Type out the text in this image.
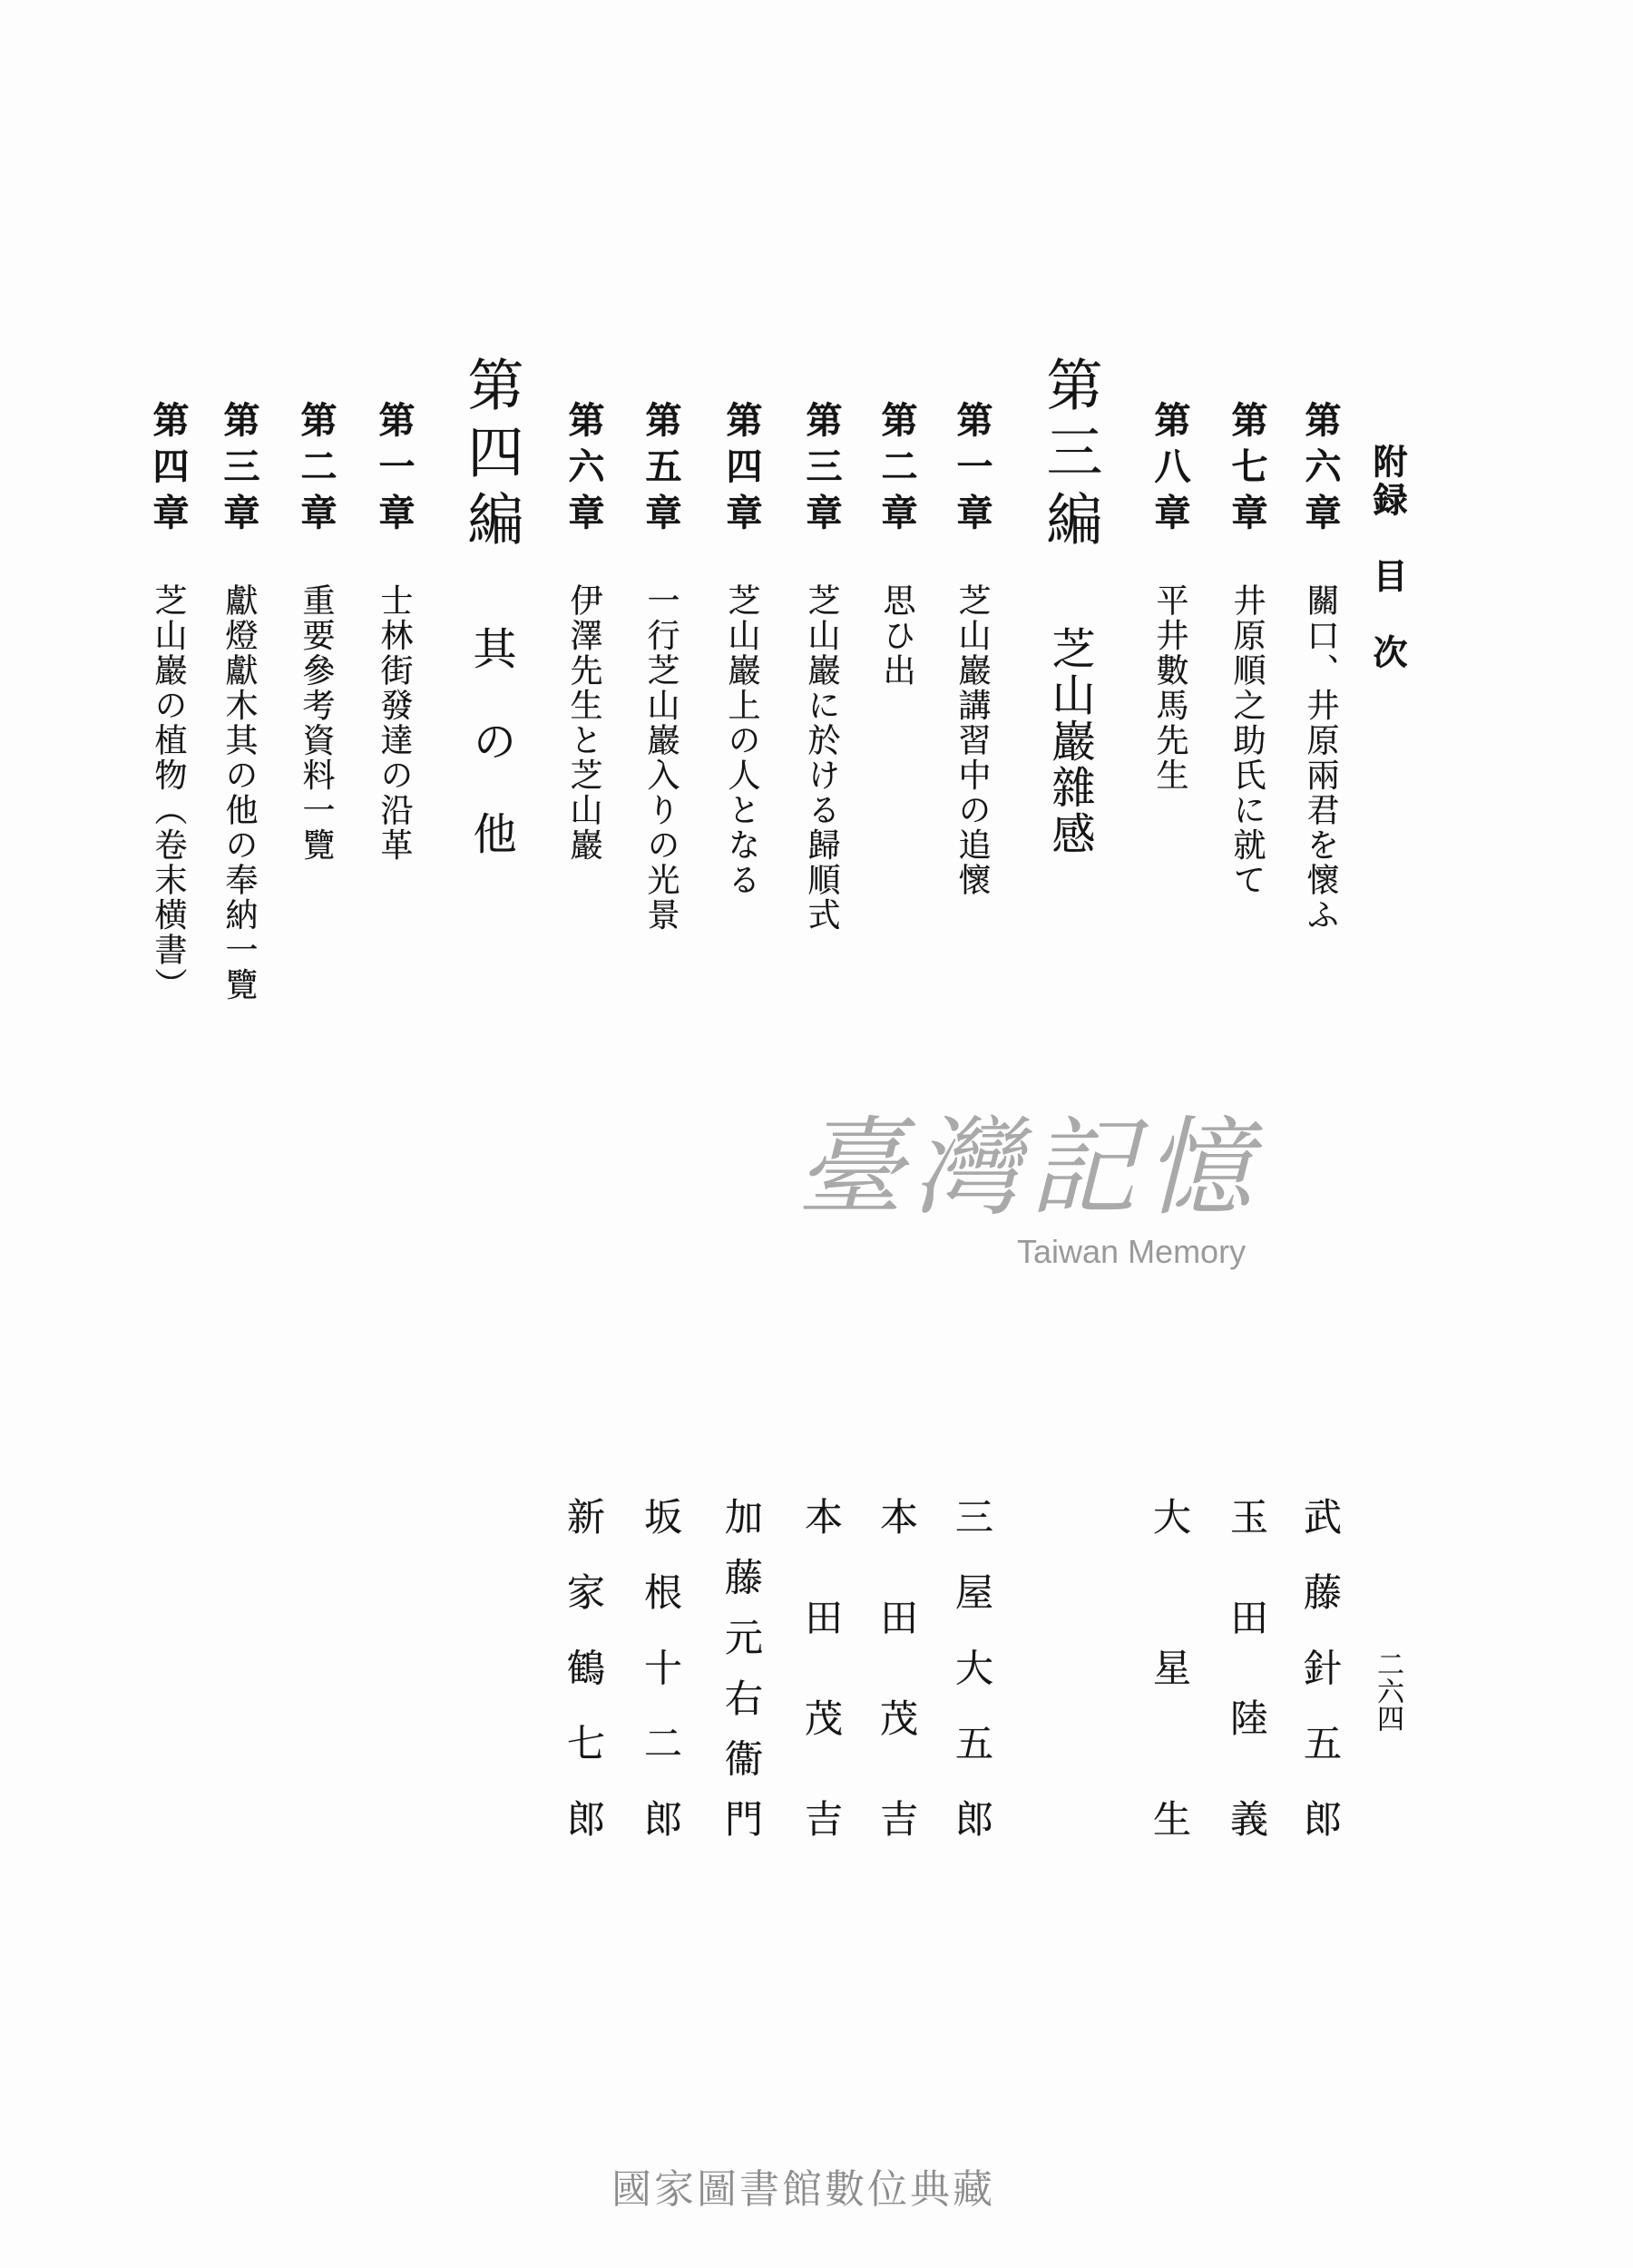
附録　目　次
二六四
第六章
關口、井原兩君を懷ふ
武藤針五郎
第七章
井原順之助氏に就て
玉田陸義
第八章
平井數馬先生
大星生
第三編
芝山巖雜感
第一章
芝山巖講習中の追懷
三屋大五郎
第二章
思ひ出
本田茂吉
第三章
芝山巖に於ける歸順式
本田茂吉
第四章
芝山巖上の人となる
加藤元右衞門
第五章
一行芝山巖入りの光景
坂根十二郎
第六章
伊澤先生と芝山巖
新家鶴七郎
第四編
其の他
第一章
士林街發達の沿革
第二章
重要參考資料一覽
第三章
獻燈獻木其の他の奉納一覽
第四章
芝山巖の植物（卷末横書）
臺灣記憶
Taiwan Memory
國家圖書館數位典藏
